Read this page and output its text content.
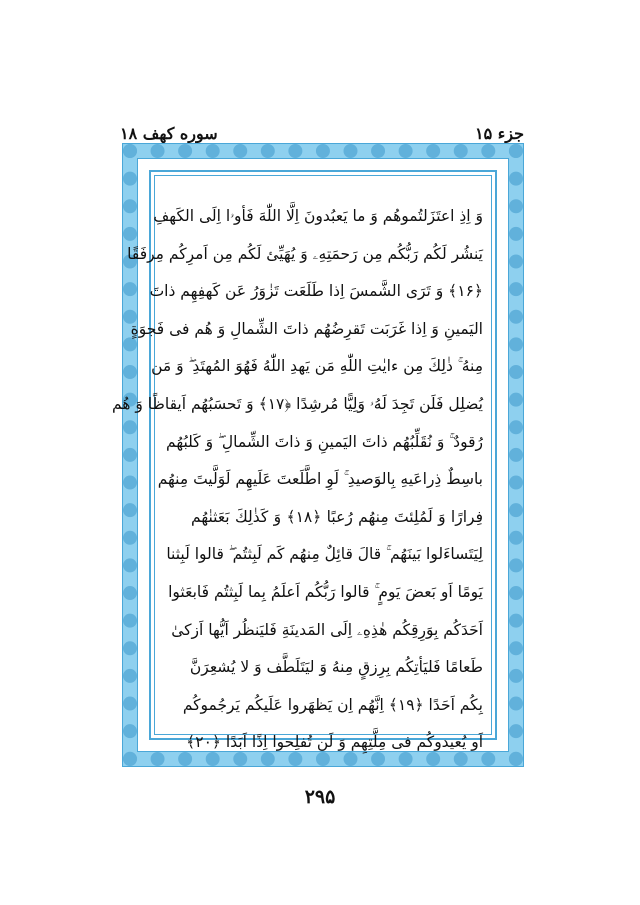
جزء ۱۵
سوره کهف ۱۸
وَ اِذِ اعتَزَلتُموهُم وَ ما يَعبُدونَ اِلَّا اللّٰهَ فَأوۥا اِلَى الكَهفِ
يَنشُر لَكُم رَبُّكُم مِن رَحمَتِهِۦ وَ يُهَيِّئ لَكُم مِن اَمرِكُم مِرفَقًا
﴿۱۶﴾ وَ تَرَى الشَّمسَ اِذا طَلَعَت تَزٰوَرُ عَن كَهفِهِم ذاتَ
اليَمينِ وَ اِذا غَرَبَت تَقرِضُهُم ذاتَ الشِّمالِ وَ هُم فى فَجوَةٍ
مِنهُ ۚ ذٰلِكَ مِن ءايٰتِ اللّٰهِ مَن يَهدِ اللّٰهُ فَهُوَ المُهتَدِ ۖ وَ مَن
يُضلِل فَلَن تَجِدَ لَهُۥ وَلِيًّا مُرشِدًا ﴿۱۷﴾ وَ تَحسَبُهُم اَيقاظًا وَ هُم
رُقودٌ ۚ وَ نُقَلِّبُهُم ذاتَ اليَمينِ وَ ذاتَ الشِّمالِ ۖ وَ كَلبُهُم
باسِطٌ ذِراعَيهِ بِالوَصيدِ ۚ لَوِ اطَّلَعتَ عَلَيهِم لَوَلَّيتَ مِنهُم
فِرارًا وَ لَمُلِئتَ مِنهُم رُعبًا ﴿۱۸﴾ وَ كَذٰلِكَ بَعَثنٰهُم
لِيَتَساءَلوا بَينَهُم ۚ قالَ قائِلٌ مِنهُم كَم لَبِثتُم ۖ قالوا لَبِثنا
يَومًا اَو بَعضَ يَومٍ ۚ قالوا رَبُّكُم اَعلَمُ بِما لَبِثتُم فَابعَثوا
اَحَدَكُم بِوَرِقِكُم هٰذِهِۦ اِلَى المَدينَةِ فَليَنظُر اَيُّها اَزكىٰ
طَعامًا فَليَأتِكُم بِرِزقٍ مِنهُ وَ ليَتَلَطَّف وَ لا يُشعِرَنَّ
بِكُم اَحَدًا ﴿۱۹﴾ اِنَّهُم اِن يَظهَروا عَلَيكُم يَرجُموكُم
اَو يُعيدوكُم فى مِلَّتِهِم وَ لَن تُفلِحوا اِذًا اَبَدًا ﴿۲۰﴾
۲۹۵
